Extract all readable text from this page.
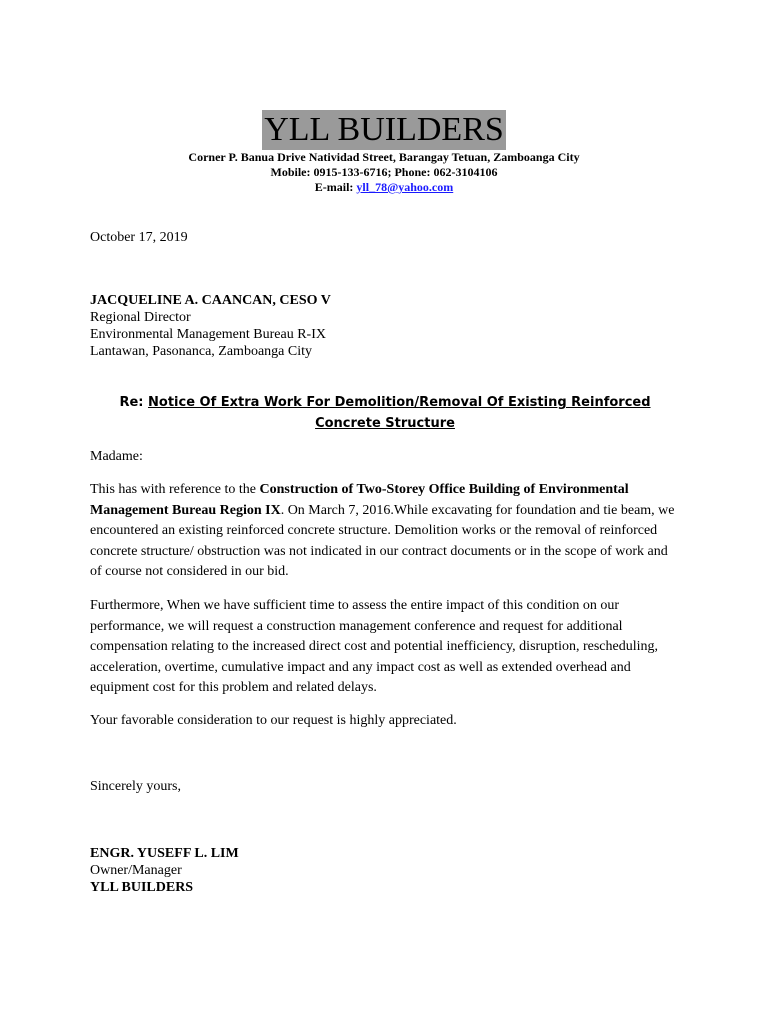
YLL BUILDERS
Corner P. Banua Drive Natividad Street, Barangay Tetuan, Zamboanga City
Mobile: 0915-133-6716; Phone: 062-3104106
E-mail: yll_78@yahoo.com
October 17, 2019
JACQUELINE A. CAANCAN, CESO V
Regional Director
Environmental Management Bureau R-IX
Lantawan, Pasonanca, Zamboanga City
Re: Notice Of Extra Work For Demolition/Removal Of Existing Reinforced Concrete Structure
Madame:
This has with reference to the Construction of Two-Storey Office Building of Environmental Management Bureau Region IX. On March 7, 2016.While excavating for foundation and tie beam, we encountered an existing reinforced concrete structure. Demolition works or the removal of reinforced concrete structure/ obstruction was not indicated in our contract documents or in the scope of work and of course not considered in our bid.
Furthermore, When we have sufficient time to assess the entire impact of this condition on our performance, we will request a construction management conference and request for additional compensation relating to the increased direct cost and potential inefficiency, disruption, rescheduling, acceleration, overtime, cumulative impact and any impact cost as well as extended overhead and equipment cost for this problem and related delays.
Your favorable consideration to our request is highly appreciated.
Sincerely yours,
ENGR. YUSEFF L. LIM
Owner/Manager
YLL BUILDERS
